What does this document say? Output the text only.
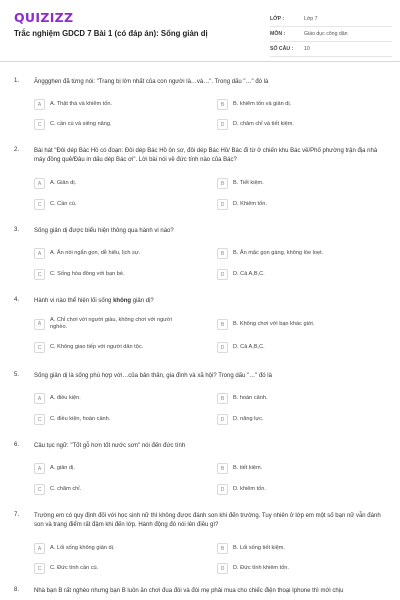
QUIZIZZ
Trắc nghiệm GDCD 7 Bài 1 (có đáp án): Sống giản dị
LỚP :	Lớp 7
MÔN :	Giáo dục công dân
SỐ CÂU :	10
1. Ănggghen đã từng nói: "Trang bị lớn nhất của con người là…và…". Trong dấu "…" đó là
A	A. Thật thà và khiêm tốn.	B	B. khiêm tốn và giản dị.
C	C. cần cù và siêng năng.	D	D. chăm chỉ và tiết kiệm.
2. Bài hát "Đôi dép Bác Hồ có đoạn: Đôi dép Bác Hồ ôn sơ, đôi dép Bác Hồ/ Bác đi từ ở chiến khu Bác về/Phố phường trận địa nhà máy đồng quê/Đâu in dấu dép Bác ơi". Lời bài nói về đức tính nào của Bác?
A	A. Giản dị.	B	B. Tiết kiệm.
C	C. Cần cù.	D	D. Khiêm tốn.
3. Sống giản dị được biểu hiện thông qua hành vi nào?
A	A. Ăn nói ngắn gọn, dễ hiểu, lịch sự.	B	B. Ăn mặc gọn gàng, không lòe loẹt.
C	C. Sống hòa đồng với bạn bè.	D	D. Cả A,B,C.
4. Hành vi nào thể hiện lối sống không giản dị?
A
A. Chỉ chơi với người giàu, không chơi với người nghèo.	B	B. Không chơi với bạn khác giới.
C	C. Không giao tiếp với người dân tộc.	D	D. Cả A,B,C.
5. Sống giản dị là sống phù hợp với…của bản thân, gia đình và xã hội? Trong dấu "…" đó là
A	A. điều kiện.	B	B. hoàn cảnh.
C	C. điều kiện, hoàn cảnh.	D	D. năng lực.
6. Câu tục ngữ: "Tốt gỗ hơn tốt nước sơn" nói đến đức tính
A	A. giản dị.	B	B. tiết kiệm.
C	C. chăm chỉ.	D	D. khiêm tốn.
7. Trường em có quy định đối với học sinh nữ thì không được đánh son khi đến trường. Tuy nhiên ở lớp em một số bạn nữ vẫn đánh son và trang điểm rất đậm khi đến lớp. Hành động đó nói lên điều gì?
A	A. Lối sống không giản dị.	B	B. Lối sống tiết kiệm.
C	C. Đức tính cần cù.	D	D. Đức tính khiêm tốn.
8. Nhà bạn B rất nghèo nhưng bạn B luôn ăn chơi đua đòi và đòi mẹ phải mua cho chiếc điện thoại Iphone thì mới chịu
